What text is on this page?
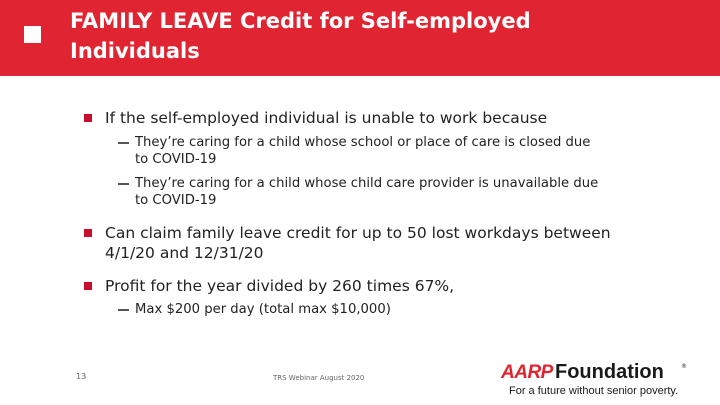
FAMILY LEAVE Credit for Self-employed
Individuals
If the self-employed individual is unable to work because
They’re caring for a child whose school or place of care is closed due
to COVID-19
They’re caring for a child whose child care provider is unavailable due
to COVID-19
Can claim family leave credit for up to 50 lost workdays between
4/1/20 and 12/31/20
Profit for the year divided by 260 times 67%,
Max $200 per day (total max $10,000)
13	TRS Webinar August 2020	AARP Foundation	®
For a future without senior poverty.
